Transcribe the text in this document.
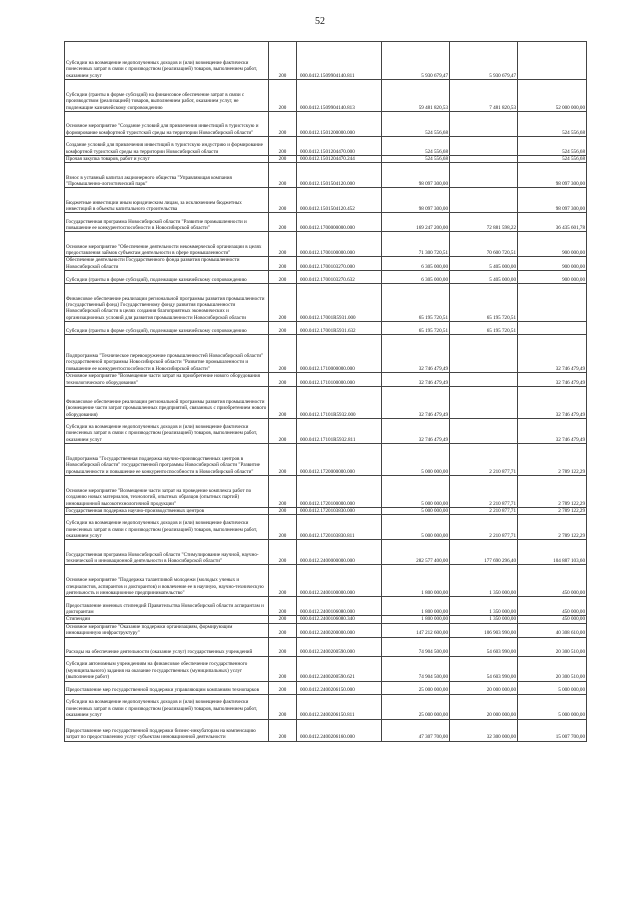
52
Субсидии на возмещение недополученных доходов и (или) возмещение фактически понесенных затрат в связи с производством (реализацией) товаров, выполнением работ, оказанием услуг	200	000.0412.1509904140.811	5 930 679,47	5 930 679,47	
Субсидии (гранты в форме субсидий) на финансовое обеспечение затрат в связи с производством (реализацией) товаров, выполнением работ, оказанием услуг, не подлежащие казначейскому сопровождению	200	000.0412.1509904140.813	59 481 820,53	7 481 820,53	52 000 000,00
Основное мероприятие "Создание условий для привлечения инвестиций в туристскую и формирование комфортной туристской среды на территории Новосибирской области"	200	000.0412.1501200000.000	524 556,68		524 556,68
Создание условий для привлечения инвестиций в туристскую индустрию и формирование комфортной туристской среды на территории Новосибирской области	200	000.0412.1501204470.000	524 556,68		524 556,68
Прочая закупка товаров, работ и услуг	200	000.0412.1501204470.244	524 556,68		524 556,68
Взнос в уставный капитал акционерного общества "Управляющая компания "Промышленно-логистический парк"	200	000.0412.1501504120.000	98 097 300,00		98 097 300,00
Бюджетные инвестиции иным юридическим лицам, за исключением бюджетных инвестиций в объекты капитального строительства	200	000.0412.1501504120.452	98 097 300,00		98 097 300,00
Государственная программа Новосибирской области "Развитие промышленности и повышение ее конкурентоспособности в Новосибирской области"	200	000.0412.1700000000.000	169 247 200,00	72 881 598,22	36 435 601,78
Основное мероприятие "Обеспечение деятельности некоммерческой организации в целях предоставления займов субъектам деятельности в сфере промышленности"	200	000.0412.1700100000.000	71 300 720,51	70 600 720,51	900 000,00
Обеспечение деятельности Государственного фонда развития промышленности Новосибирской области	200	000.0412.1700103270.000	6 305 000,00	5 405 000,00	900 000,00
Субсидии (гранты в форме субсидий), подлежащие казначейскому сопровождению	200	000.0412.1700103270.632	6 305 000,00	5 405 000,00	900 000,00
Финансовое обеспечение реализации региональной программы развития промышленности (государственный фонд) Государственному фонду развития промышленности Новосибирской области в целях создания благоприятных экономических и организационных условий для развития промышленности Новосибирской области	200	000.0412.17001R5931.000	65 195 720,51	65 195 720,51	
Субсидии (гранты в форме субсидий), подлежащие казначейскому сопровождению	200	000.0412.17001R5931.632	65 195 720,51	65 195 720,51	
Подпрограмма "Техническое перевооружение промышленностей Новосибирской области" государственной программы Новосибирской области "Развитие промышленности и повышение ее конкурентоспособности в Новосибирской области"	200	000.0412.1710000000.000	32 746 479,49		32 746 479,49
Основное мероприятие "Возмещение части затрат на приобретение нового оборудования технологического оборудования"	200	000.0412.1710100000.000	32 746 479,49		32 746 479,49
Финансовое обеспечение реализации региональной программы развития промышленности (возмещение части затрат промышленных предприятий, связанных с приобретением нового оборудования)	200	000.0412.17101R5932.000	32 746 479,49		32 746 479,49
Субсидии на возмещение недополученных доходов и (или) возмещение фактически понесенных затрат в связи с производством (реализацией) товаров, выполнением работ, оказанием услуг	200	000.0412.17101R5932.811	32 746 479,49		32 746 479,49
Подпрограмма "Государственная поддержка научно-производственных центров в Новосибирской области" государственной программы Новосибирской области "Развитие промышленности и повышение ее конкурентоспособности в Новосибирской области"	200	000.0412.1720000000.000	5 000 000,00	2 210 877,71	2 789 122,29
Основное мероприятие "Возмещение части затрат на проведение комплекса работ по созданию новых материалов, технологий, опытных образцов (опытных партий) инновационной высокотехнологичной продукции"	200	000.0412.1720100000.000	5 000 000,00	2 210 877,71	2 789 122,29
Государственная поддержка научно-производственных центров	200	000.0412.1720103830.000	5 000 000,00	2 210 877,71	2 789 122,29
Субсидии на возмещение недополученных доходов и (или) возмещение фактически понесенных затрат в связи с производством (реализацией) товаров, выполнением работ, оказанием услуг	200	000.0412.1720103830.811	5 000 000,00	2 210 877,71	2 789 122,29
Государственная программа Новосибирской области "Стимулирование научной, научно-технической и инновационной деятельности в Новосибирской области"	200	000.0412.2400000000.000	282 577 400,00	177 690 296,40	104 887 103,60
Основное мероприятие "Поддержка талантливой молодежи (молодых ученых и специалистов, аспирантов и докторантов) и вовлечение ее в научную, научно-техническую деятельность и инновационное предпринимательство"	200	000.0412.2400100000.000	1 800 000,00	1 350 000,00	450 000,00
Предоставление именных стипендий Правительства Новосибирской области аспирантам и докторантам	200	000.0412.2400106080.000	1 800 000,00	1 350 000,00	450 000,00
Стипендии	200	000.0412.2400106080.340	1 800 000,00	1 350 000,00	450 000,00
Основное мероприятие "Оказание поддержки организациям, формирующим инновационную инфраструктуру"	200	000.0412.2400200000.000	147 212 600,00	106 903 990,00	40 308 610,00
Расходы на обеспечение деятельности (оказание услуг) государственных учреждений	200	000.0412.2400200590.000	74 904 500,00	54 603 990,00	20 300 510,00
Субсидии автономным учреждениям на финансовое обеспечение государственного (муниципального) задания на оказание государственных (муниципальных) услуг (выполнение работ)	200	000.0412.2400200590.621	74 904 500,00	54 603 990,00	20 300 510,00
Предоставление мер государственной поддержки управляющим компаниям технопарков	200	000.0412.2400206150.000	25 000 000,00	20 000 000,00	5 000 000,00
Субсидии на возмещение недополученных доходов и (или) возмещение фактически понесенных затрат в связи с производством (реализацией) товаров, выполнением работ, оказанием услуг	200	000.0412.2400206150.811	25 000 000,00	20 000 000,00	5 000 000,00
Предоставление мер государственной поддержки бизнес-инкубаторам на компенсацию затрат по предоставлению услуг субъектам инновационной деятельности	200	000.0412.2400206160.000	47 307 700,00	32 300 000,00	15 007 700,00
